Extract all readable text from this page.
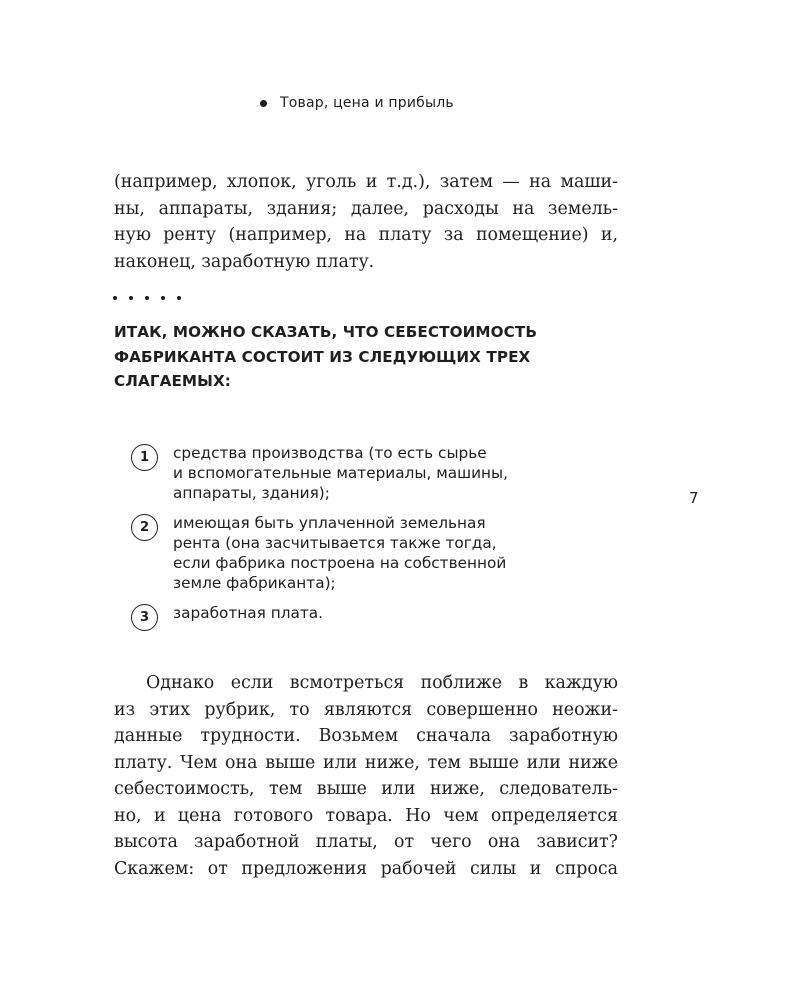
Товар, цена и прибыль
7
(например, хлопок, уголь и т.д.), затем — на маши-
ны, аппараты, здания; далее, расходы на земель-
ную ренту (например, на плату за помещение) и,
наконец, заработную плату.
ИТАК, МОЖНО СКАЗАТЬ, ЧТО СЕБЕСТОИМОСТЬ
ФАБРИКАНТА СОСТОИТ ИЗ СЛЕДУЮЩИХ ТРЕХ
СЛАГАЕМЫХ:
1	средства производства (то есть сырье
и вспомогательные материалы, машины,
аппараты, здания);
2	имеющая быть уплаченной земельная
рента (она засчитывается также тогда,
если фабрика построена на собственной
земле фабриканта);
3	заработная плата.
Однако если всмотреться поближе в каждую
из этих рубрик, то являются совершенно неожи-
данные трудности. Возьмем сначала заработную
плату. Чем она выше или ниже, тем выше или ниже
себестоимость, тем выше или ниже, следователь-
но, и цена готового товара. Но чем определяется
высота заработной платы, от чего она зависит?
Скажем: от предложения рабочей силы и спроса
